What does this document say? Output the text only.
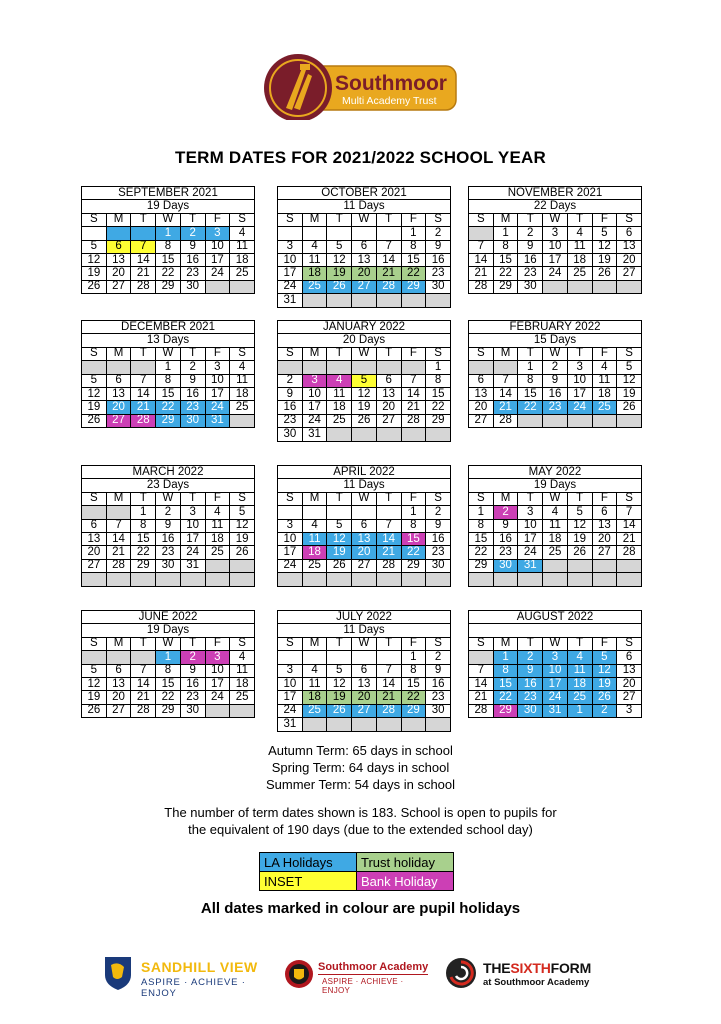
Southmoor
Multi Academy Trust
TERM DATES FOR 2021/2022 SCHOOL YEAR
SEPTEMBER 2021						
19 Days						
S	M	T	W	T	F	S
			1	2	3	4
5	6	7	8	9	10	11
12	13	14	15	16	17	18
19	20	21	22	23	24	25
26	27	28	29	30		
OCTOBER 2021						
11 Days						
S	M	T	W	T	F	S
					1	2
3	4	5	6	7	8	9
10	11	12	13	14	15	16
17	18	19	20	21	22	23
24	25	26	27	28	29	30
31						
NOVEMBER 2021						
22 Days						
S	M	T	W	T	F	S
	1	2	3	4	5	6
7	8	9	10	11	12	13
14	15	16	17	18	19	20
21	22	23	24	25	26	27
28	29	30				
DECEMBER 2021						
13 Days						
S	M	T	W	T	F	S
			1	2	3	4
5	6	7	8	9	10	11
12	13	14	15	16	17	18
19	20	21	22	23	24	25
26	27	28	29	30	31	
JANUARY 2022						
20 Days						
S	M	T	W	T	F	S
						1
2	3	4	5	6	7	8
9	10	11	12	13	14	15
16	17	18	19	20	21	22
23	24	25	26	27	28	29
30	31					
FEBRUARY 2022						
15 Days						
S	M	T	W	T	F	S
		1	2	3	4	5
6	7	8	9	10	11	12
13	14	15	16	17	18	19
20	21	22	23	24	25	26
27	28					
MARCH 2022						
23 Days						
S	M	T	W	T	F	S
		1	2	3	4	5
6	7	8	9	10	11	12
13	14	15	16	17	18	19
20	21	22	23	24	25	26
27	28	29	30	31		

APRIL 2022						
11 Days						
S	M	T	W	T	F	S
					1	2
3	4	5	6	7	8	9
10	11	12	13	14	15	16
17	18	19	20	21	22	23
24	25	26	27	28	29	30

MAY 2022						
19 Days						
S	M	T	W	T	F	S
1	2	3	4	5	6	7
8	9	10	11	12	13	14
15	16	17	18	19	20	21
22	23	24	25	26	27	28
29	30	31				

JUNE 2022						
19 Days						
S	M	T	W	T	F	S
			1	2	3	4
5	6	7	8	9	10	11
12	13	14	15	16	17	18
19	20	21	22	23	24	25
26	27	28	29	30		
JULY 2022						
11 Days						
S	M	T	W	T	F	S
					1	2
3	4	5	6	7	8	9
10	11	12	13	14	15	16
17	18	19	20	21	22	23
24	25	26	27	28	29	30
31						
AUGUST 2022						

S	M	T	W	T	F	S
	1	2	3	4	5	6
7	8	9	10	11	12	13
14	15	16	17	18	19	20
21	22	23	24	25	26	27
28	29	30	31	1	2	3
Autumn Term: 65 days in school
Spring Term: 64 days in school
Summer Term: 54 days in school
The number of term dates shown is 183. School is open to pupils for
the equivalent of 190 days (due to the extended school day)
LA Holidays	Trust holiday
INSET	Bank Holiday
All dates marked in colour are pupil holidays
SANDHILL VIEW
ASPIRE · ACHIEVE · ENJOY
Southmoor Academy
ASPIRE · ACHIEVE · ENJOY
THESIXTHFORM
at Southmoor Academy
